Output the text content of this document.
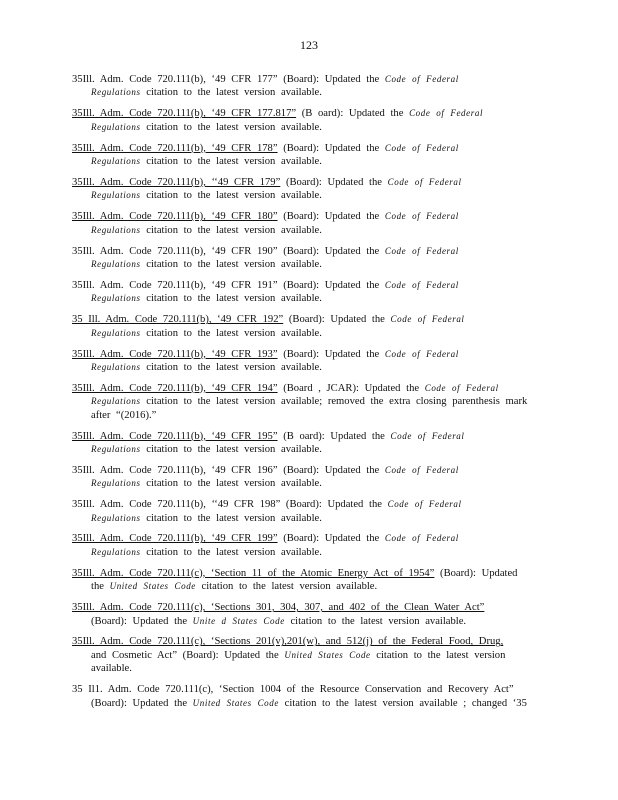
123
35Ill. Adm. Code 720.111(b), ‘49 CFR 177” (Board): Updated the Code of Federal
Regulations citation to the latest version available.
35Ill. Adm. Code 720.111(b), ‘49 CFR 177.817” (B oard): Updated the Code of Federal
Regulations citation to the latest version available.
35Ill. Adm. Code 720.111(b), ‘49 CFR 178” (Board): Updated the Code of Federal
Regulations citation to the latest version available.
35Ill. Adm. Code 720.111(b), ‘‘49 CFR 179” (Board): Updated the Code of Federal
Regulations citation to the latest version available.
35Ill. Adm. Code 720.111(b), ‘49 CFR 180” (Board): Updated the Code of Federal
Regulations citation to the latest version available.
35Ill. Adm. Code 720.111(b), ‘49 CFR 190” (Board): Updated the Code of Federal
Regulations citation to the latest version available.
35Ill. Adm. Code 720.111(b), ‘49 CFR 191” (Board): Updated the Code of Federal
Regulations citation to the latest version available.
35 Ill. Adm. Code 720.111(b), ‘49 CFR 192” (Board): Updated the Code of Federal
Regulations citation to the latest version available.
35Ill. Adm. Code 720.111(b), ‘49 CFR 193” (Board): Updated the Code of Federal
Regulations citation to the latest version available.
35Ill. Adm. Code 720.111(b), ‘49 CFR 194” (Board , JCAR): Updated the Code of Federal
Regulations citation to the latest version available; removed the extra closing parenthesis mark after “(2016).”
35Ill. Adm. Code 720.111(b), ‘49 CFR 195” (B oard): Updated the Code of Federal
Regulations citation to the latest version available.
35Ill. Adm. Code 720.111(b), ‘49 CFR 196” (Board): Updated the Code of Federal
Regulations citation to the latest version available.
35Ill. Adm. Code 720.111(b), ‘‘49 CFR 198” (Board): Updated the Code of Federal
Regulations citation to the latest version available.
35Ill. Adm. Code 720.111(b), ‘49 CFR 199” (Board): Updated the Code of Federal
Regulations citation to the latest version available.
35Ill. Adm. Code 720.111(c), ‘Section 11 of the Atomic Energy Act of 1954” (Board): Updated
the United States Code citation to the latest version available.
35Ill. Adm. Code 720.111(c), ‘Sections 301, 304, 307, and 402 of the Clean Water Act”
(Board): Updated the Unite d States Code citation to the latest version available.
35Ill. Adm. Code 720.111(c), ‘Sections 201(v),201(w), and 512(j) of the Federal Food, Drug,
and Cosmetic Act” (Board): Updated the United States Code citation to the latest version available.
35 Il1. Adm. Code 720.111(c), ‘Section 1004 of the Resource Conservation and Recovery Act”
(Board): Updated the United States Code citation to the latest version available ; changed ‘35
